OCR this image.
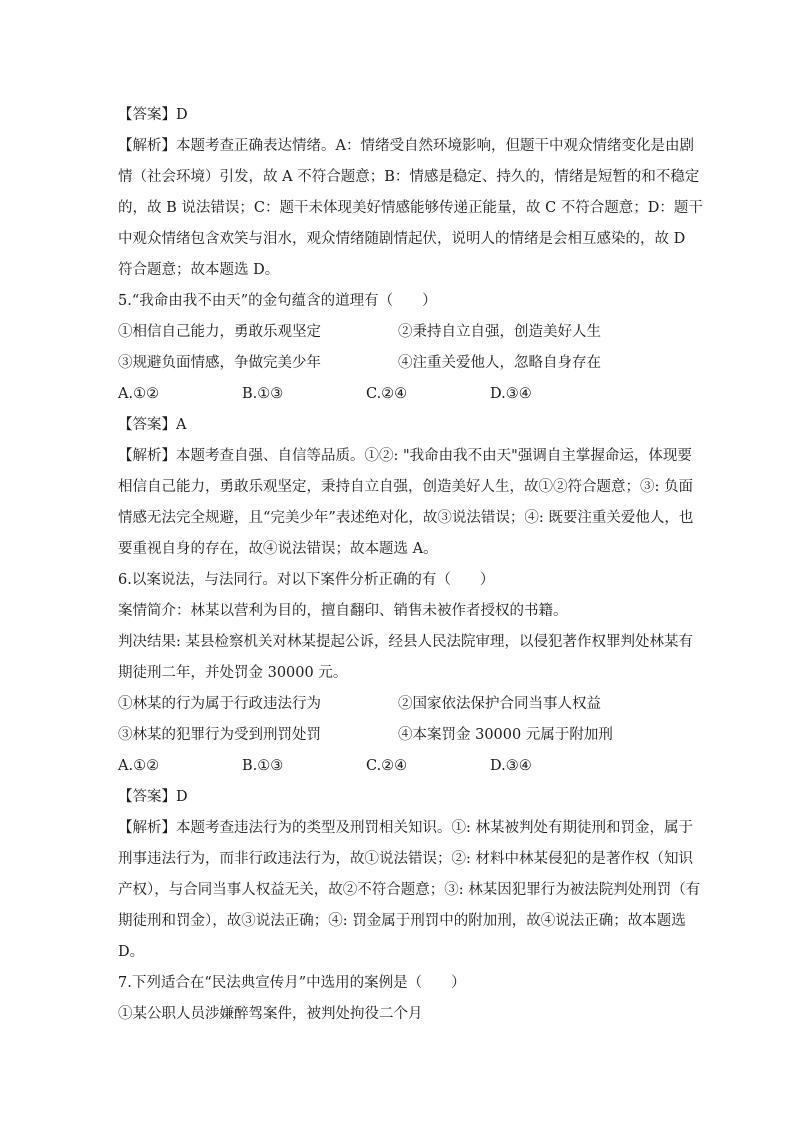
【答案】D
【解析】本题考查正确表达情绪。A：情绪受自然环境影响，但题干中观众情绪变化是由剧
情（社会环境）引发，故 A 不符合题意；B：情感是稳定、持久的，情绪是短暂的和不稳定
的，故 B 说法错误；C：题干未体现美好情感能够传递正能量，故 C 不符合题意；D：题干
中观众情绪包含欢笑与泪水，观众情绪随剧情起伏，说明人的情绪是会相互感染的，故 D
符合题意；故本题选 D。
5.“我命由我不由天”的金句蕴含的道理有（　　）
①相信自己能力，勇敢乐观坚定	②秉持自立自强，创造美好人生
③规避负面情感，争做完美少年	④注重关爱他人，忽略自身存在
A.①②	B.①③	C.②④	D.③④
【答案】A
【解析】本题考查自强、自信等品质。①②: "我命由我不由天"强调自主掌握命运，体现要
相信自己能力，勇敢乐观坚定，秉持自立自强，创造美好人生，故①②符合题意；③: 负面
情感无法完全规避，且“完美少年”表述绝对化，故③说法错误；④: 既要注重关爱他人，也
要重视自身的存在，故④说法错误；故本题选 A。
6.以案说法，与法同行。对以下案件分析正确的有（　　）
案情简介：林某以营利为目的，擅自翻印、销售未被作者授权的书籍。
判决结果: 某县检察机关对林某提起公诉，经县人民法院审理，以侵犯著作权罪判处林某有
期徒刑二年，并处罚金 30000 元。
①林某的行为属于行政违法行为	②国家依法保护合同当事人权益
③林某的犯罪行为受到刑罚处罚	④本案罚金 30000 元属于附加刑
A.①②	B.①③	C.②④	D.③④
【答案】D
【解析】本题考查违法行为的类型及刑罚相关知识。①: 林某被判处有期徒刑和罚金，属于
刑事违法行为，而非行政违法行为，故①说法错误；②: 材料中林某侵犯的是著作权（知识
产权），与合同当事人权益无关，故②不符合题意；③: 林某因犯罪行为被法院判处刑罚（有
期徒刑和罚金），故③说法正确；④: 罚金属于刑罚中的附加刑，故④说法正确；故本题选
D。
7.下列适合在“民法典宣传月”中选用的案例是（　　）
①某公职人员涉嫌醉驾案件，被判处拘役二个月
